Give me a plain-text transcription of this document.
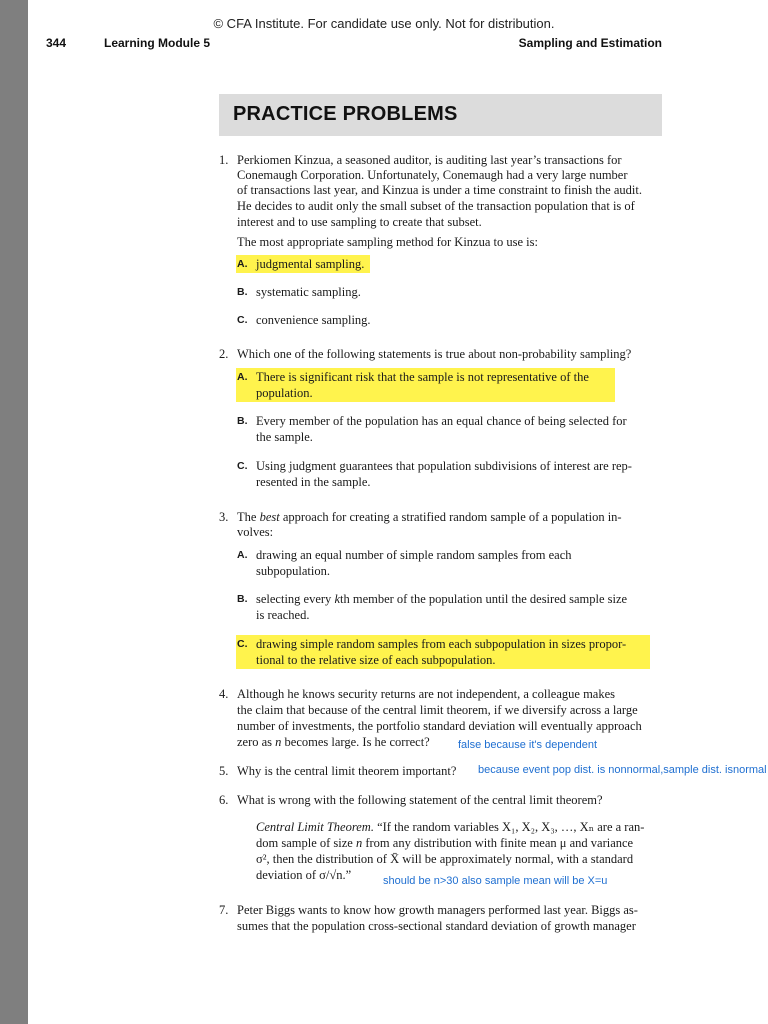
© CFA Institute. For candidate use only. Not for distribution.
344	Learning Module 5	Sampling and Estimation
PRACTICE PROBLEMS
1. Perkiomen Kinzua, a seasoned auditor, is auditing last year’s transactions for
Conemaugh Corporation. Unfortunately, Conemaugh had a very large number
of transactions last year, and Kinzua is under a time constraint to finish the audit.
He decides to audit only the small subset of the transaction population that is of
interest and to use sampling to create that subset.
The most appropriate sampling method for Kinzua to use is:
A. judgmental sampling.
B. systematic sampling.
C. convenience sampling.
2. Which one of the following statements is true about non-probability sampling?
A. There is significant risk that the sample is not representative of the
population.
B. Every member of the population has an equal chance of being selected for
the sample.
C. Using judgment guarantees that population subdivisions of interest are rep-
resented in the sample.
3. The best approach for creating a stratified random sample of a population in-
volves:
A. drawing an equal number of simple random samples from each
subpopulation.
B. selecting every kth member of the population until the desired sample size
is reached.
C. drawing simple random samples from each subpopulation in sizes propor-
tional to the relative size of each subpopulation.
4. Although he knows security returns are not independent, a colleague makes
the claim that because of the central limit theorem, if we diversify across a large
number of investments, the portfolio standard deviation will eventually approach
zero as n becomes large. Is he correct?	false because it's dependent
5. Why is the central limit theorem important? because event pop dist. is nonnormal,sample dist. isnormal
6. What is wrong with the following statement of the central limit theorem?
Central Limit Theorem. “If the random variables X₁, X₂, X₃, …, Xₙ are a ran-
dom sample of size n from any distribution with finite mean μ and variance
σ², then the distribution of X̄ will be approximately normal, with a standard
deviation of σ/√n.”	should be n>30 also sample mean will be X=u
7. Peter Biggs wants to know how growth managers performed last year. Biggs as-
sumes that the population cross-sectional standard deviation of growth manager
